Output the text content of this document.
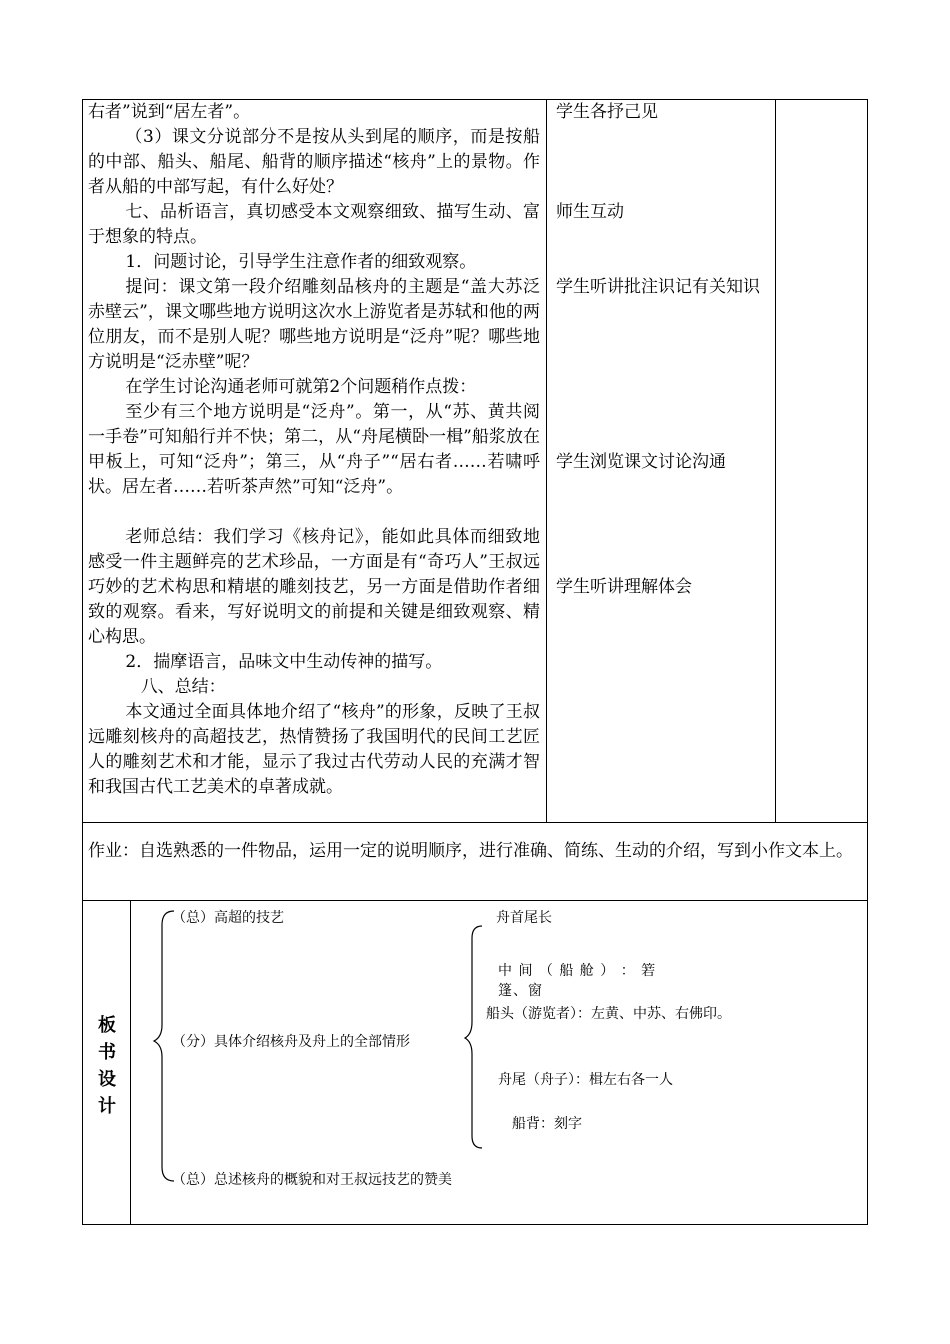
右者”说到“居左者”。

（3）课文分说部分不是按从头到尾的顺序，而是按船的中部、船头、船尾、船背的顺序描述“核舟”上的景物。作者从船的中部写起，有什么好处？

七、品析语言，真切感受本文观察细致、描写生动、富于想象的特点。

1．问题讨论，引导学生注意作者的细致观察。

提问：课文第一段介绍雕刻品核舟的主题是“盖大苏泛赤壁云”，课文哪些地方说明这次水上游览者是苏轼和他的两位朋友，而不是别人呢？哪些地方说明是“泛舟”呢？哪些地方说明是“泛赤壁”呢？

在学生讨论沟通老师可就第2个问题稍作点拨：

至少有三个地方说明是“泛舟”。第一，从“苏、黄共阅一手卷”可知船行并不快；第二，从“舟尾横卧一楫”船浆放在甲板上，可知“泛舟”；第三，从“舟子”“居右者……若啸呼状。居左者……若听茶声然”可知“泛舟”。

老师总结：我们学习《核舟记》，能如此具体而细致地感受一件主题鲜亮的艺术珍品，一方面是有“奇巧人”王叔远巧妙的艺术构思和精堪的雕刻技艺，另一方面是借助作者细致的观察。看来，写好说明文的前提和关键是细致观察、精心构思。

2．揣摩语言，品味文中生动传神的描写。

八、总结：

本文通过全面具体地介绍了“核舟”的形象，反映了王叔远雕刻核舟的高超技艺，热情赞扬了我国明代的民间工艺匠人的雕刻艺术和才能，显示了我过古代劳动人民的充满才智和我国古代工艺美术的卓著成就。

学生各抒己见

师生互动

学生听讲批注识记有关知识

学生浏览课文讨论沟通

学生听讲理解体会

作业：自选熟悉的一件物品，运用一定的说明顺序，进行准确、简练、生动的介绍，写到小作文本上。

板
书
设
计

（总）高超的技艺

（分）具体介绍核舟及舟上的全部情形

（总）总述核舟的概貌和对王叔远技艺的赞美

舟首尾长

中 间 （ 船 舱 ） ： 箬篷、窗

船头（游览者）：左黄、中苏、右佛印。

舟尾（舟子）：楫左右各一人

船背：刻字
